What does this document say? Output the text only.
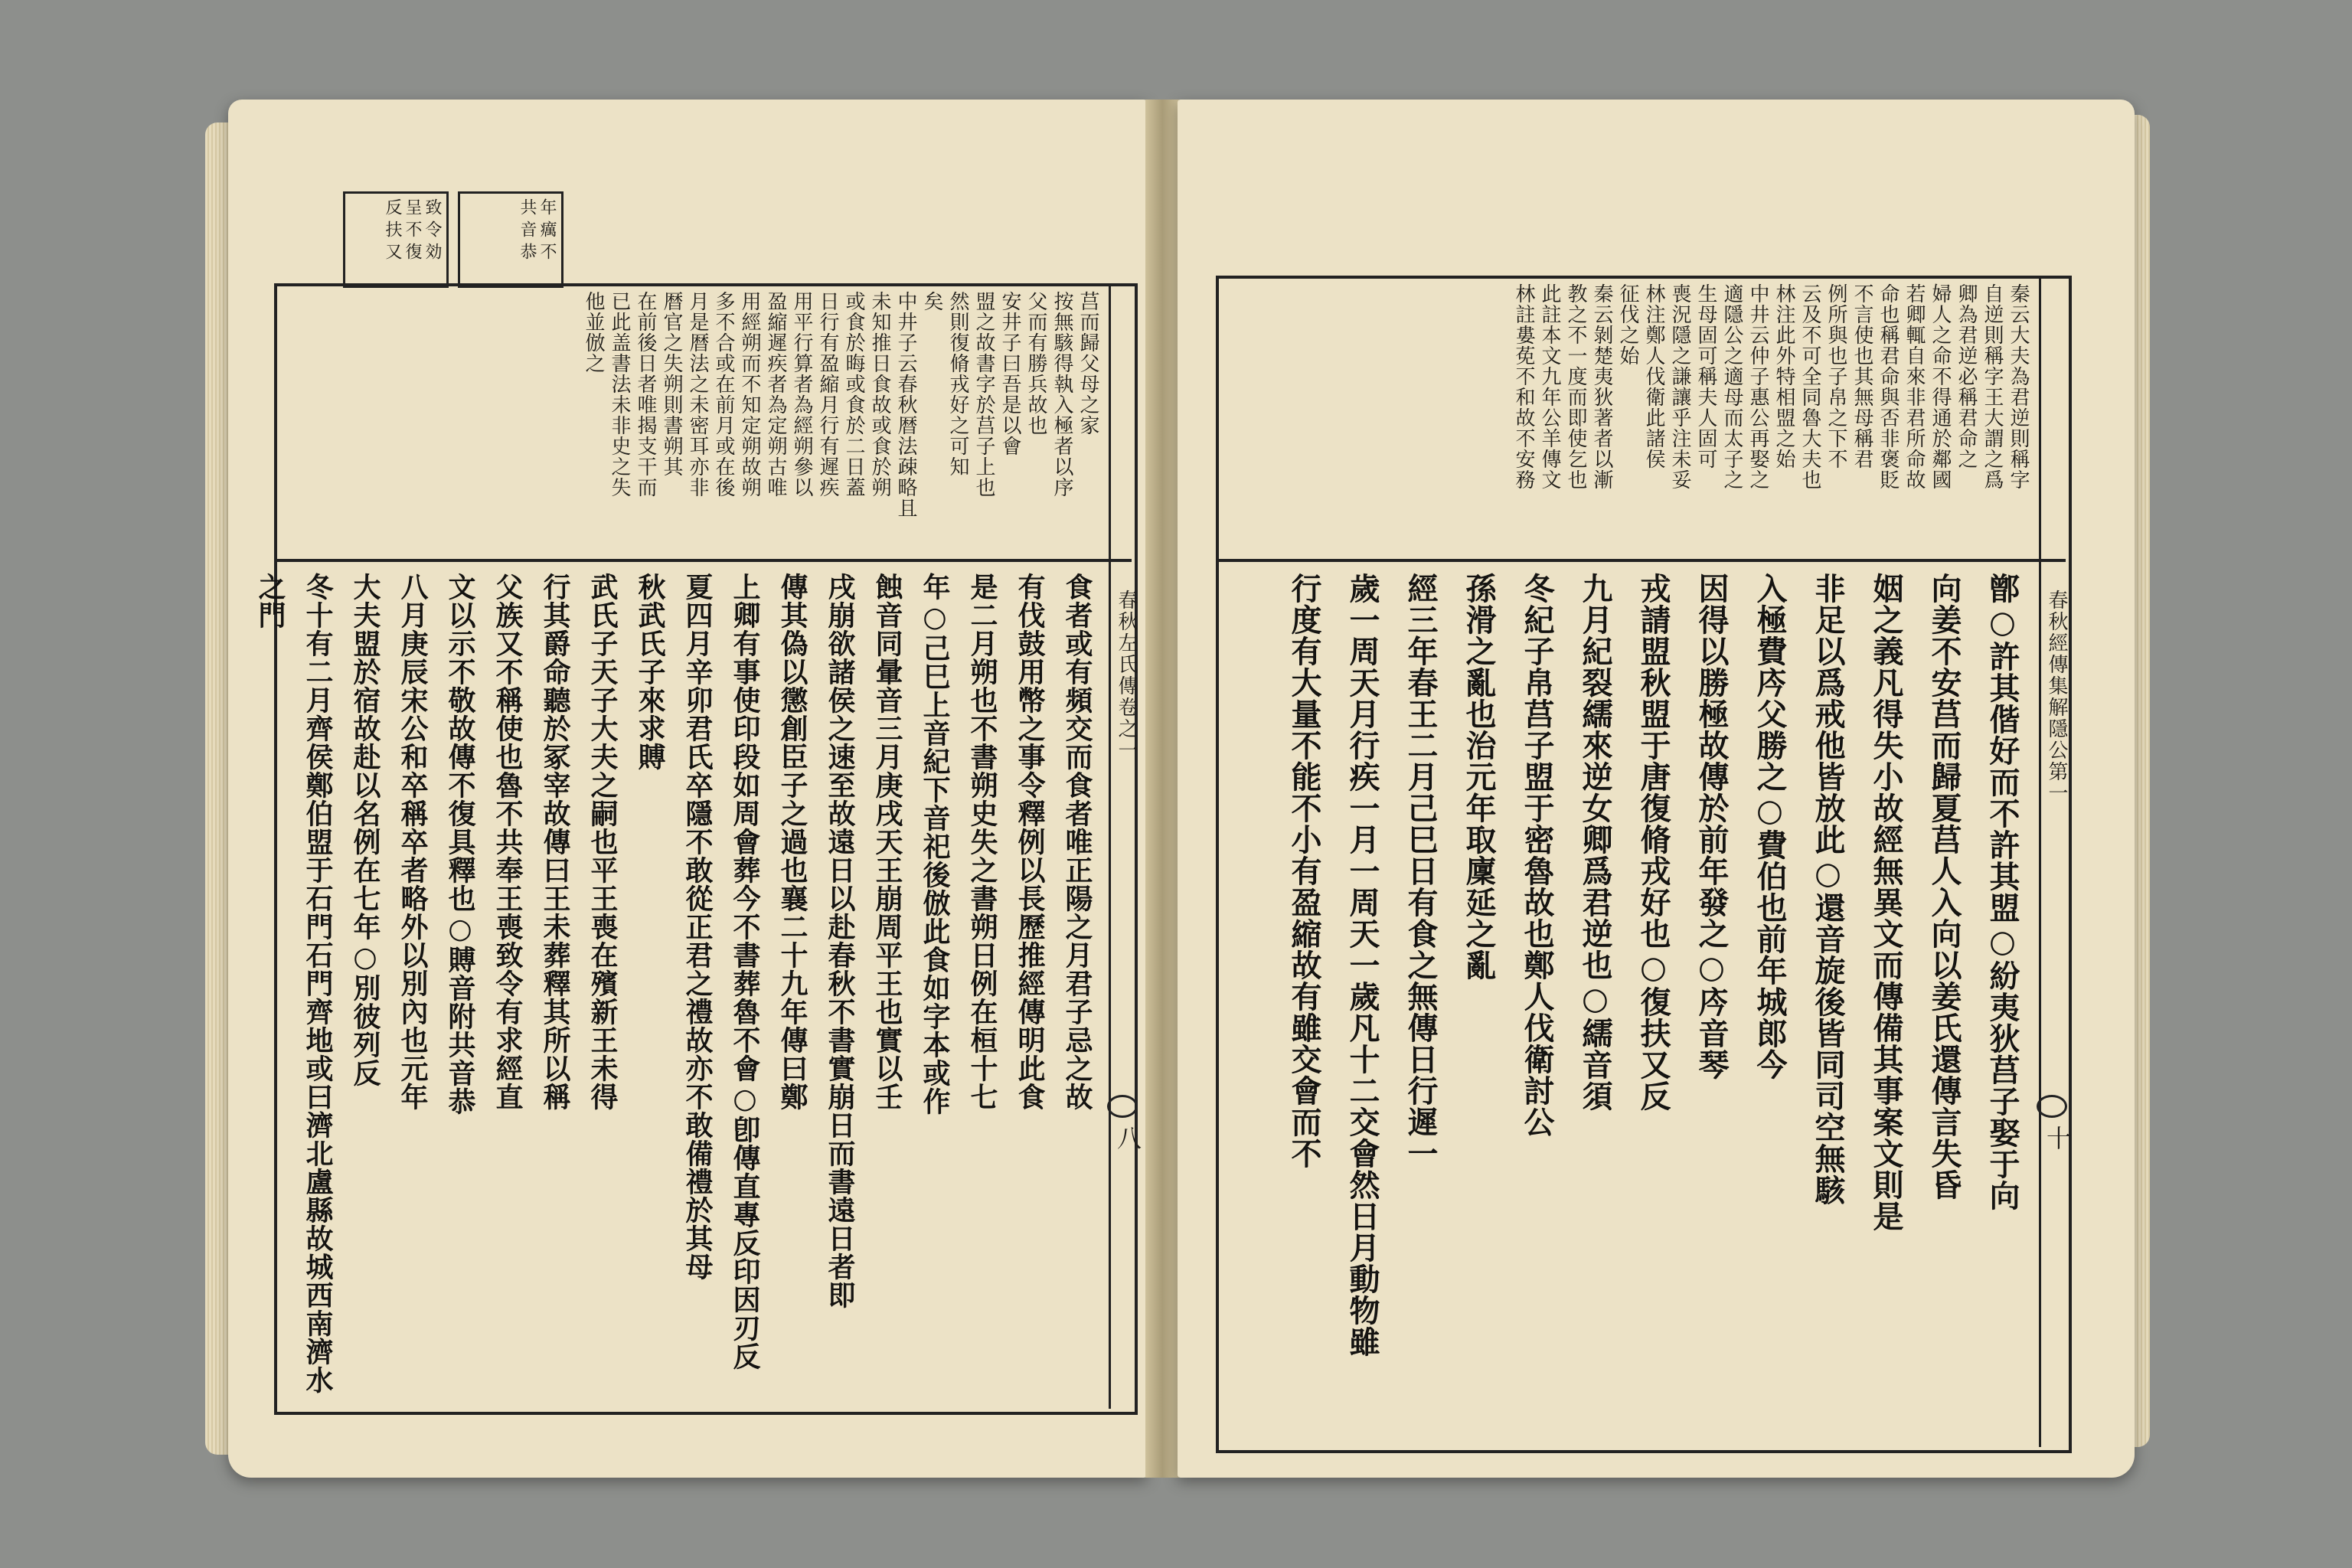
年 癘 不 共 音 恭
致 令 効 呈 不 復 反 扶 又
莒而歸父母之家
按無駭得執入極者以序
父而有勝兵故也
安井子曰吾是以會
盟之故書字於莒子上也
然則復脩戎好之可知
矣
中井子云春秋暦法疎略且
未知推日食故或食於朔
或食於晦或食於二日蓋
日行有盈縮月行有遲疾
用平行算者為經朔參以
盈縮遲疾者為定朔古唯
用經朔而不知定朔故朔
多不合或在前月或在後
月是暦法之未密耳亦非
暦官之失朔則書朔其
在前後日者唯揭支干而
已此盖書法未非史之失
他並倣之
食者或有頻交而食者唯正陽之月君子忌之故
有伐鼓用幣之事令釋例以長歷推經傳明此食
是二月朔也不書朔史失之書朔日例在桓十七
年○己巳上音紀下音祀後倣此食如字本或作
蝕音同暈音三月庚戌天王崩周平王也實以壬
戌崩欲諸侯之速至故遠日以赴春秋不書實崩日而書遠日者即
傳其偽以懲創臣子之過也襄二十九年傳曰鄭
上卿有事使印段如周會葬今不書葬魯不會○卽傳直專反印因刃反
夏四月辛卯君氏卒隱不敢從正君之禮故亦不敢備禮於其母
秋武氏子來求賻
武氏子天子大夫之嗣也平王喪在殯新王未得
行其爵命聽於冢宰故傳曰王未葬釋其所以稱
父族又不稱使也魯不共奉王喪致令有求經直
文以示不敬故傳不復具釋也○賻音附共音恭
八月庚辰宋公和卒稱卒者略外以別內也元年
大夫盟於宿故赴以名例在七年○別彼列反
冬十有二月齊侯鄭伯盟于石門石門齊地或曰濟北盧縣故城西南濟水之門	春秋左氏傳卷之一
八
秦云大夫為君逆則稱字
自逆則稱字王大謂之爲
卿為君逆必稱君命之
婦人之命不得通於鄰國
若卿輒自來非君所命故
命也稱君命與否非褒貶
不言使也其無母稱君
例所與也子帛之下不
云及不可全同魯大夫也
林注此外特相盟之始
中井云仲子惠公再娶之
適隱公之適母而太子之
生母固可稱夫人固可
喪況隱之謙讓乎注未妥
林注鄭人伐衛此諸侯
征伐之始
秦云剝楚夷狄著者以漸
教之不一度而即使乞也
此註本文九年公羊傳文
林註婁莬不和故不安務
鄫○許其偕好而不許其盟○紛夷狄莒子娶于向
向姜不安莒而歸夏莒人入向以姜氏還傳言失昏
姻之義凡得失小故經無異文而傳備其事案文則是
非足以爲戒他皆放此○還音旋後皆同司空無駭
入極費庈父勝之○費伯也前年城郎今
因得以勝極故傳於前年發之○庈音琴
戎請盟秋盟于唐復脩戎好也○復扶又反
九月紀裂繻來逆女卿爲君逆也○繻音須
冬紀子帛莒子盟于密魯故也鄭人伐衛討公
孫滑之亂也治元年取廩延之亂
經三年春王二月己巳日有食之無傳日行遲一
歲一周天月行疾一月一周天一歲凡十二交會然日月動物雖
行度有大量不能不小有盈縮故有雖交會而不	春秋經傳集解隱公第一
十
